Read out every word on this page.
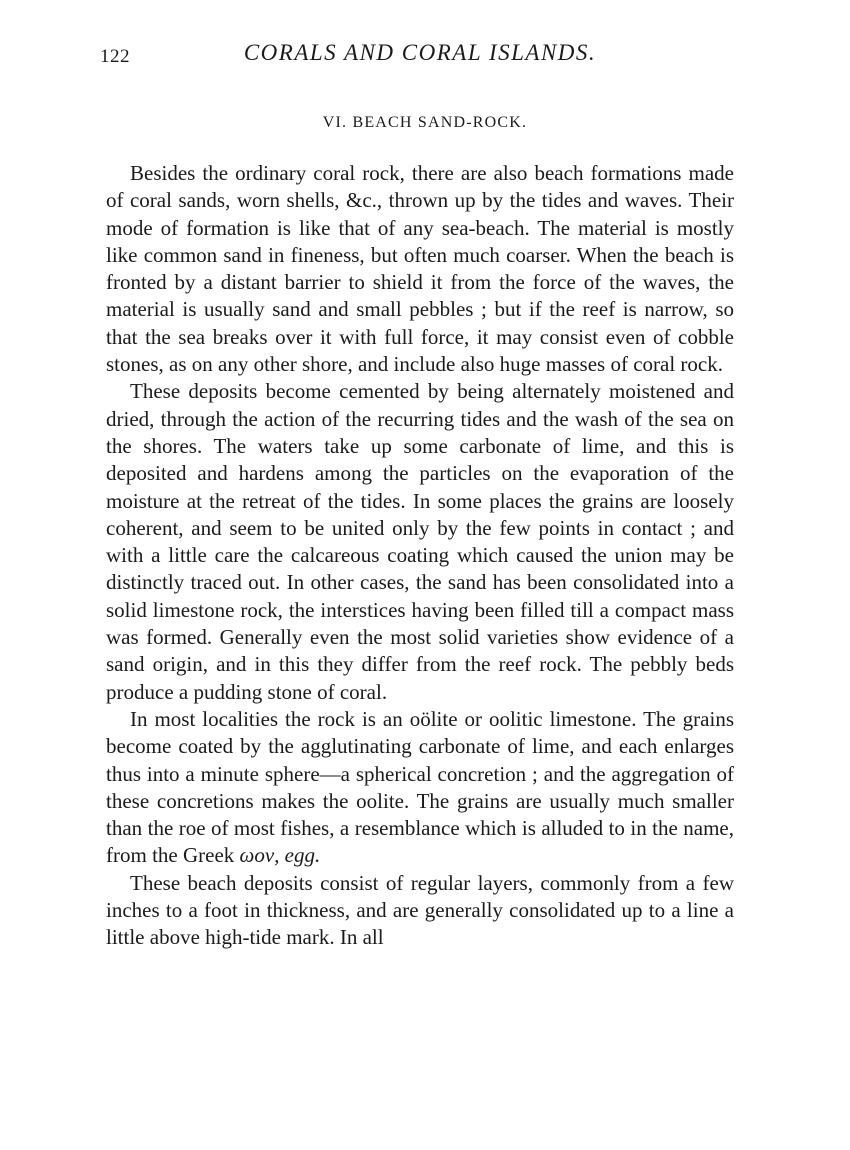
122	CORALS AND CORAL ISLANDS.
VI. BEACH SAND-ROCK.

Besides the ordinary coral rock, there are also beach formations made of coral sands, worn shells, &c., thrown up by the tides and waves. Their mode of formation is like that of any sea-beach. The material is mostly like common sand in fineness, but often much coarser. When the beach is fronted by a distant barrier to shield it from the force of the waves, the material is usually sand and small pebbles ; but if the reef is narrow, so that the sea breaks over it with full force, it may consist even of cobble stones, as on any other shore, and include also huge masses of coral rock.

These deposits become cemented by being alternately moistened and dried, through the action of the recurring tides and the wash of the sea on the shores. The waters take up some carbonate of lime, and this is deposited and hardens among the particles on the evaporation of the moisture at the retreat of the tides. In some places the grains are loosely coherent, and seem to be united only by the few points in contact ; and with a little care the calcareous coating which caused the union may be distinctly traced out. In other cases, the sand has been consolidated into a solid limestone rock, the interstices having been filled till a compact mass was formed. Generally even the most solid varieties show evidence of a sand origin, and in this they differ from the reef rock. The pebbly beds produce a pudding stone of coral.

In most localities the rock is an oölite or oolitic limestone. The grains become coated by the agglutinating carbonate of lime, and each enlarges thus into a minute sphere—a spherical concretion ; and the aggregation of these concretions makes the oolite. The grains are usually much smaller than the roe of most fishes, a resemblance which is alluded to in the name, from the Greek ωον, egg.

These beach deposits consist of regular layers, commonly from a few inches to a foot in thickness, and are generally consolidated up to a line a little above high-tide mark. In all
